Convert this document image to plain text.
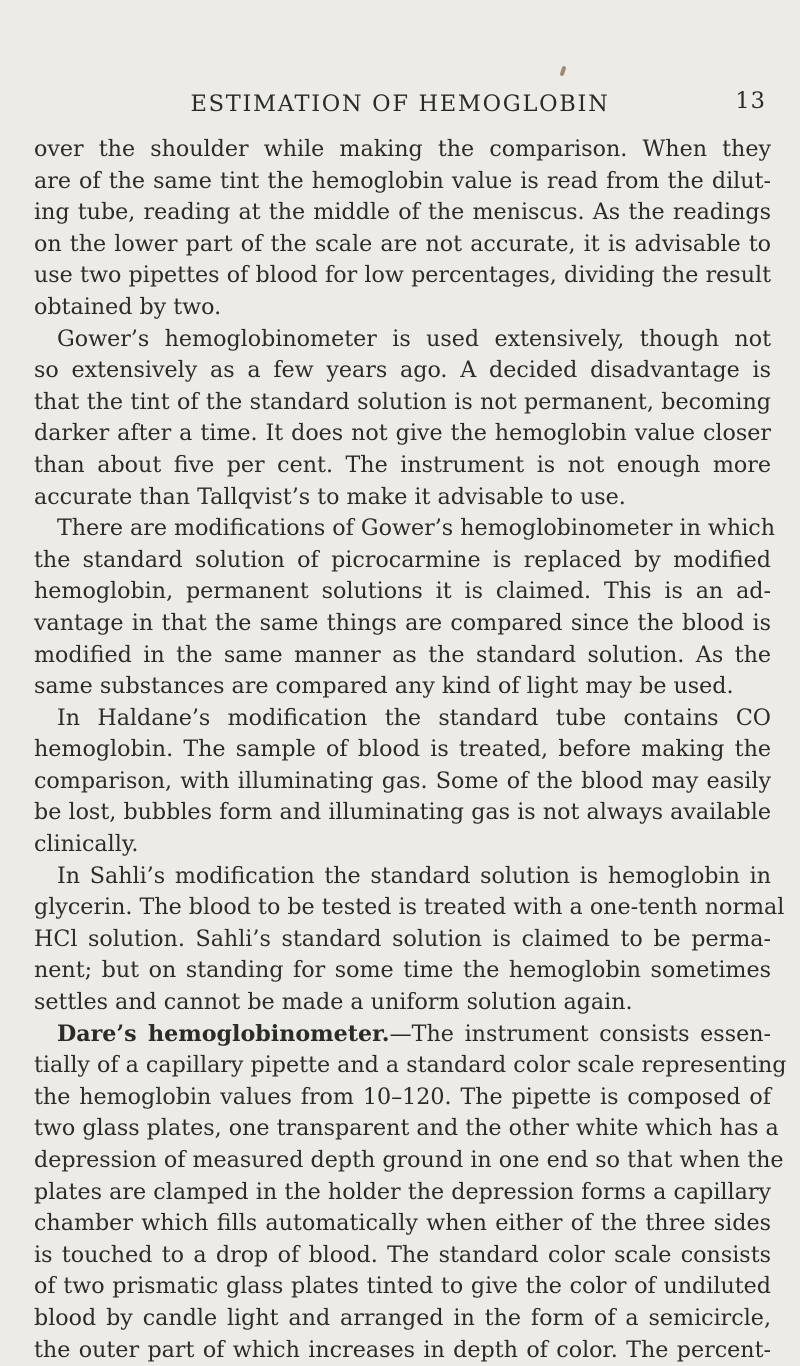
ESTIMATION OF HEMOGLOBIN	13
over the shoulder while making the comparison. When they
are of the same tint the hemoglobin value is read from the dilut-
ing tube, reading at the middle of the meniscus. As the readings
on the lower part of the scale are not accurate, it is advisable to
use two pipettes of blood for low percentages, dividing the result
obtained by two.
Gower’s hemoglobinometer is used extensively, though not
so extensively as a few years ago. A decided disadvantage is
that the tint of the standard solution is not permanent, becoming
darker after a time. It does not give the hemoglobin value closer
than about five per cent. The instrument is not enough more
accurate than Tallqvist’s to make it advisable to use.
There are modifications of Gower’s hemoglobinometer in which
the standard solution of picrocarmine is replaced by modified
hemoglobin, permanent solutions it is claimed. This is an ad-
vantage in that the same things are compared since the blood is
modified in the same manner as the standard solution. As the
same substances are compared any kind of light may be used.
In Haldane’s modification the standard tube contains CO
hemoglobin. The sample of blood is treated, before making the
comparison, with illuminating gas. Some of the blood may easily
be lost, bubbles form and illuminating gas is not always available
clinically.
In Sahli’s modification the standard solution is hemoglobin in
glycerin. The blood to be tested is treated with a one-tenth normal
HCl solution. Sahli’s standard solution is claimed to be perma-
nent; but on standing for some time the hemoglobin sometimes
settles and cannot be made a uniform solution again.
Dare’s hemoglobinometer.—The instrument consists essen-
tially of a capillary pipette and a standard color scale representing
the hemoglobin values from 10–120. The pipette is composed of
two glass plates, one transparent and the other white which has a
depression of measured depth ground in one end so that when the
plates are clamped in the holder the depression forms a capillary
chamber which fills automatically when either of the three sides
is touched to a drop of blood. The standard color scale consists
of two prismatic glass plates tinted to give the color of undiluted
blood by candle light and arranged in the form of a semicircle,
the outer part of which increases in depth of color. The percent-
